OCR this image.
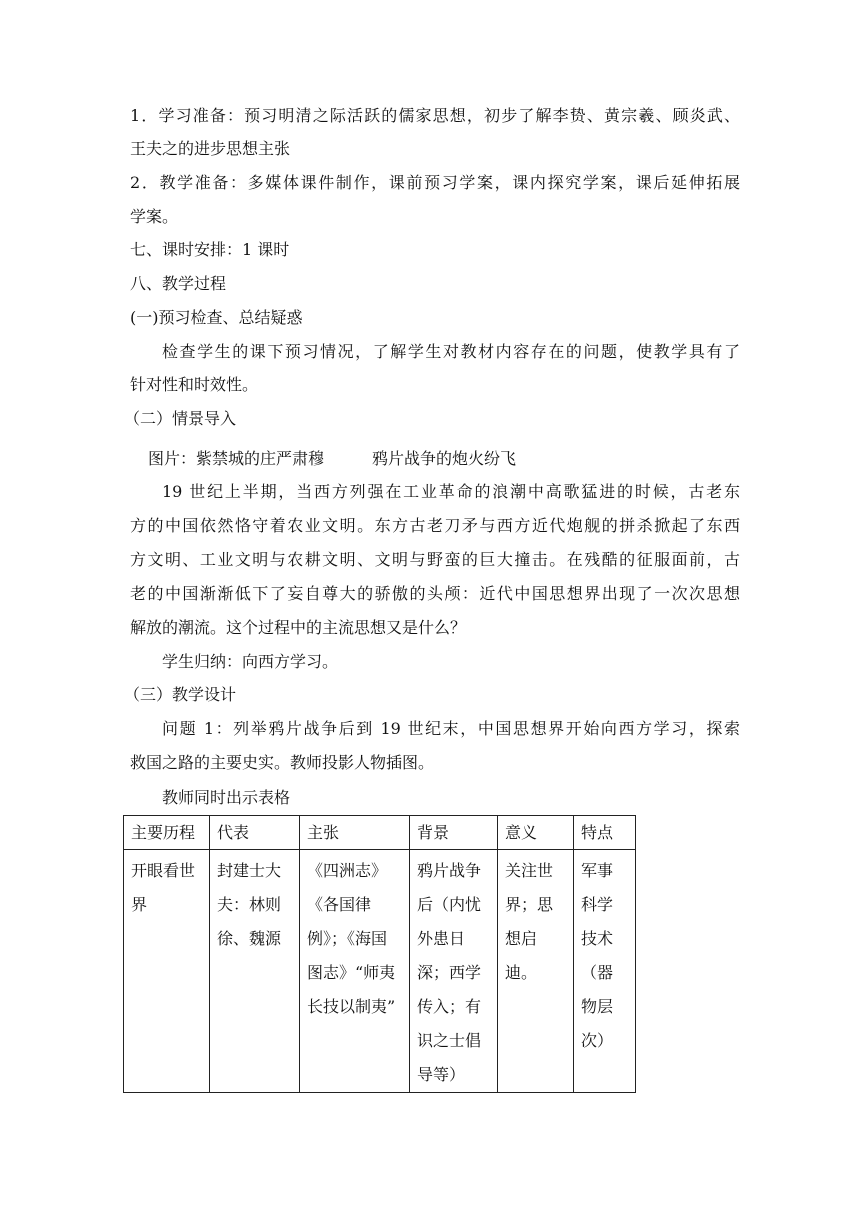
1．学习准备：预习明清之际活跃的儒家思想，初步了解李贽、黄宗羲、顾炎武、
王夫之的进步思想主张
2．教学准备：多媒体课件制作，课前预习学案，课内探究学案，课后延伸拓展
学案。
七、课时安排：1 课时
八、教学过程
(一)预习检查、总结疑惑
检查学生的课下预习情况，了解学生对教材内容存在的问题，使教学具有了
针对性和时效性。
（二）情景导入
图片：紫禁城的庄严肃穆	鸦片战争的炮火纷飞
19 世纪上半期，当西方列强在工业革命的浪潮中高歌猛进的时候，古老东
方的中国依然恪守着农业文明。东方古老刀矛与西方近代炮舰的拼杀掀起了东西
方文明、工业文明与农耕文明、文明与野蛮的巨大撞击。在残酷的征服面前，古
老的中国渐渐低下了妄自尊大的骄傲的头颅：近代中国思想界出现了一次次思想
解放的潮流。这个过程中的主流思想又是什么？
学生归纳：向西方学习。
（三）教学设计
问题 1：列举鸦片战争后到 19 世纪末，中国思想界开始向西方学习，探索
救国之路的主要史实。教师投影人物插图。
教师同时出示表格
主要历程	代表	主张	背景	意义	特点

开眼看世界	封建士大夫：林则徐、魏源	《四洲志》《各国律例》；《海国图志》“师夷长技以制夷”	鸦片战争后（内忧外患日深；西学传入；有识之士倡导等）	关注世界；思想启迪。	军事科学技术（器物层次）
